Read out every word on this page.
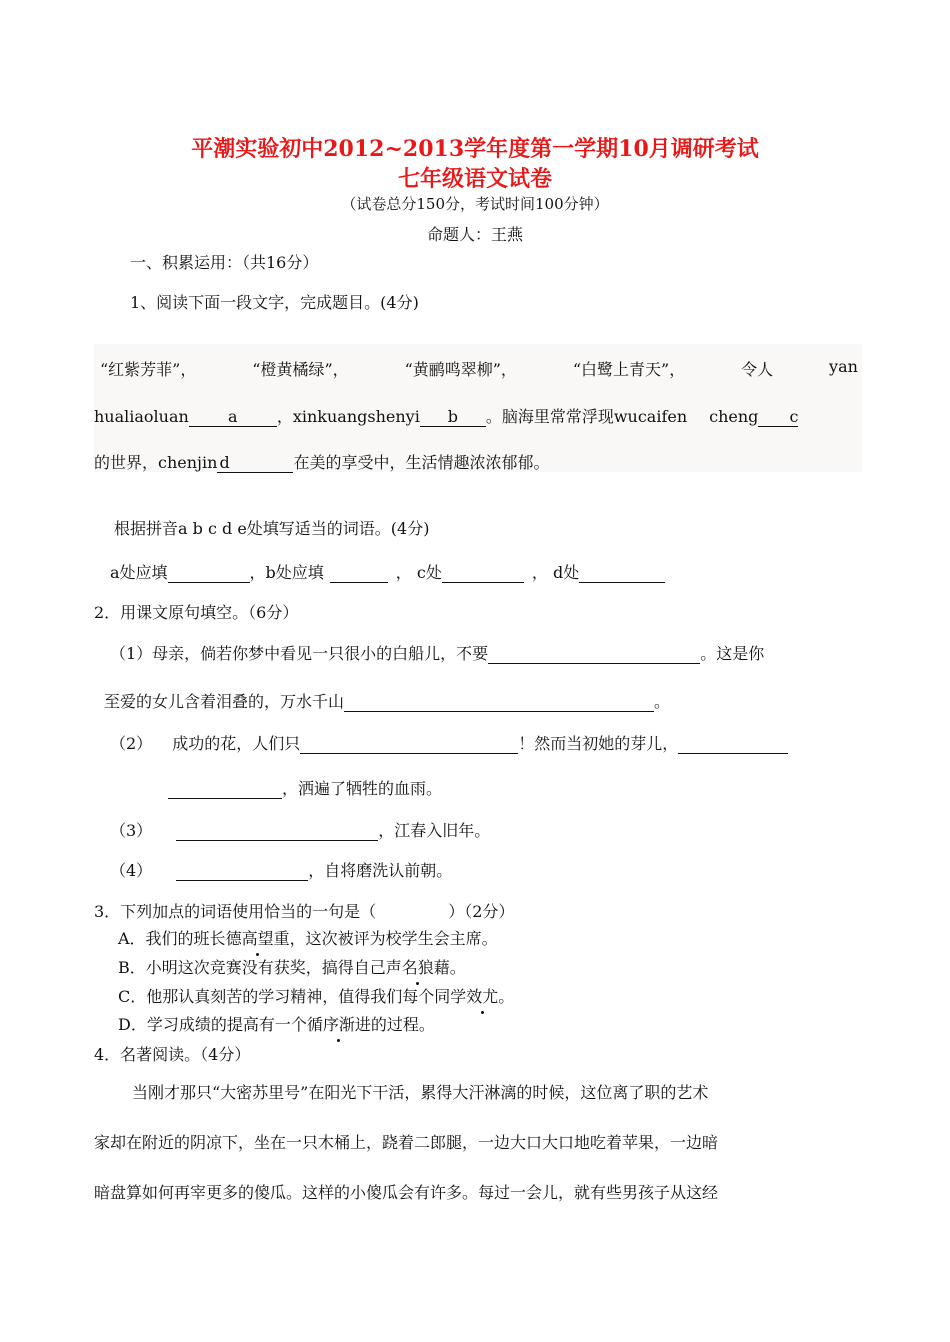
平潮实验初中2012~2013学年度第一学期10月调研考试
七年级语文试卷
（试卷总分150分，考试时间100分钟）
命题人：王燕
一、积累运用：（共16分）
1、阅读下面一段文字，完成题目。(4分)
“红紫芳菲”，	“橙黄橘绿”，	“黄鹂鸣翠柳”，	“白鹭上青天”，	令人	yan
hualiaoluan a ，xinkuangshenyi b 。脑海里常常浮现wucaifen cheng c
的世界，chenjin d	在美的享受中，生活情趣浓浓郁郁。
根据拼音a b c d e处填写适当的词语。(4分)
a处应填	，b处应填	， c处	， d处
2．用课文原句填空。（6分）
（1）母亲，倘若你梦中看见一只很小的白船儿，不要	。这是你
至爱的女儿含着泪叠的，万水千山	。
（2） 成功的花，人们只	！然而当初她的芽儿，
，洒遍了牺牲的血雨。
（3）	，江春入旧年。
（4）	，自将磨洗认前朝。
3．下列加点的词语使用恰当的一句是（	）（2分）
A．我们的班长德高望重，这次被评为校学生会主席。
B．小明这次竞赛没有获奖，搞得自己声名狼藉。
C．他那认真刻苦的学习精神，值得我们每个同学效尤。
D．学习成绩的提高有一个循序渐进的过程。
4．名著阅读。（4分）
当刚才那只“大密苏里号”在阳光下干活，累得大汗淋漓的时候，这位离了职的艺术
家却在附近的阴凉下，坐在一只木桶上，跷着二郎腿，一边大口大口地吃着苹果，一边暗
暗盘算如何再宰更多的傻瓜。这样的小傻瓜会有许多。每过一会儿，就有些男孩子从这经
